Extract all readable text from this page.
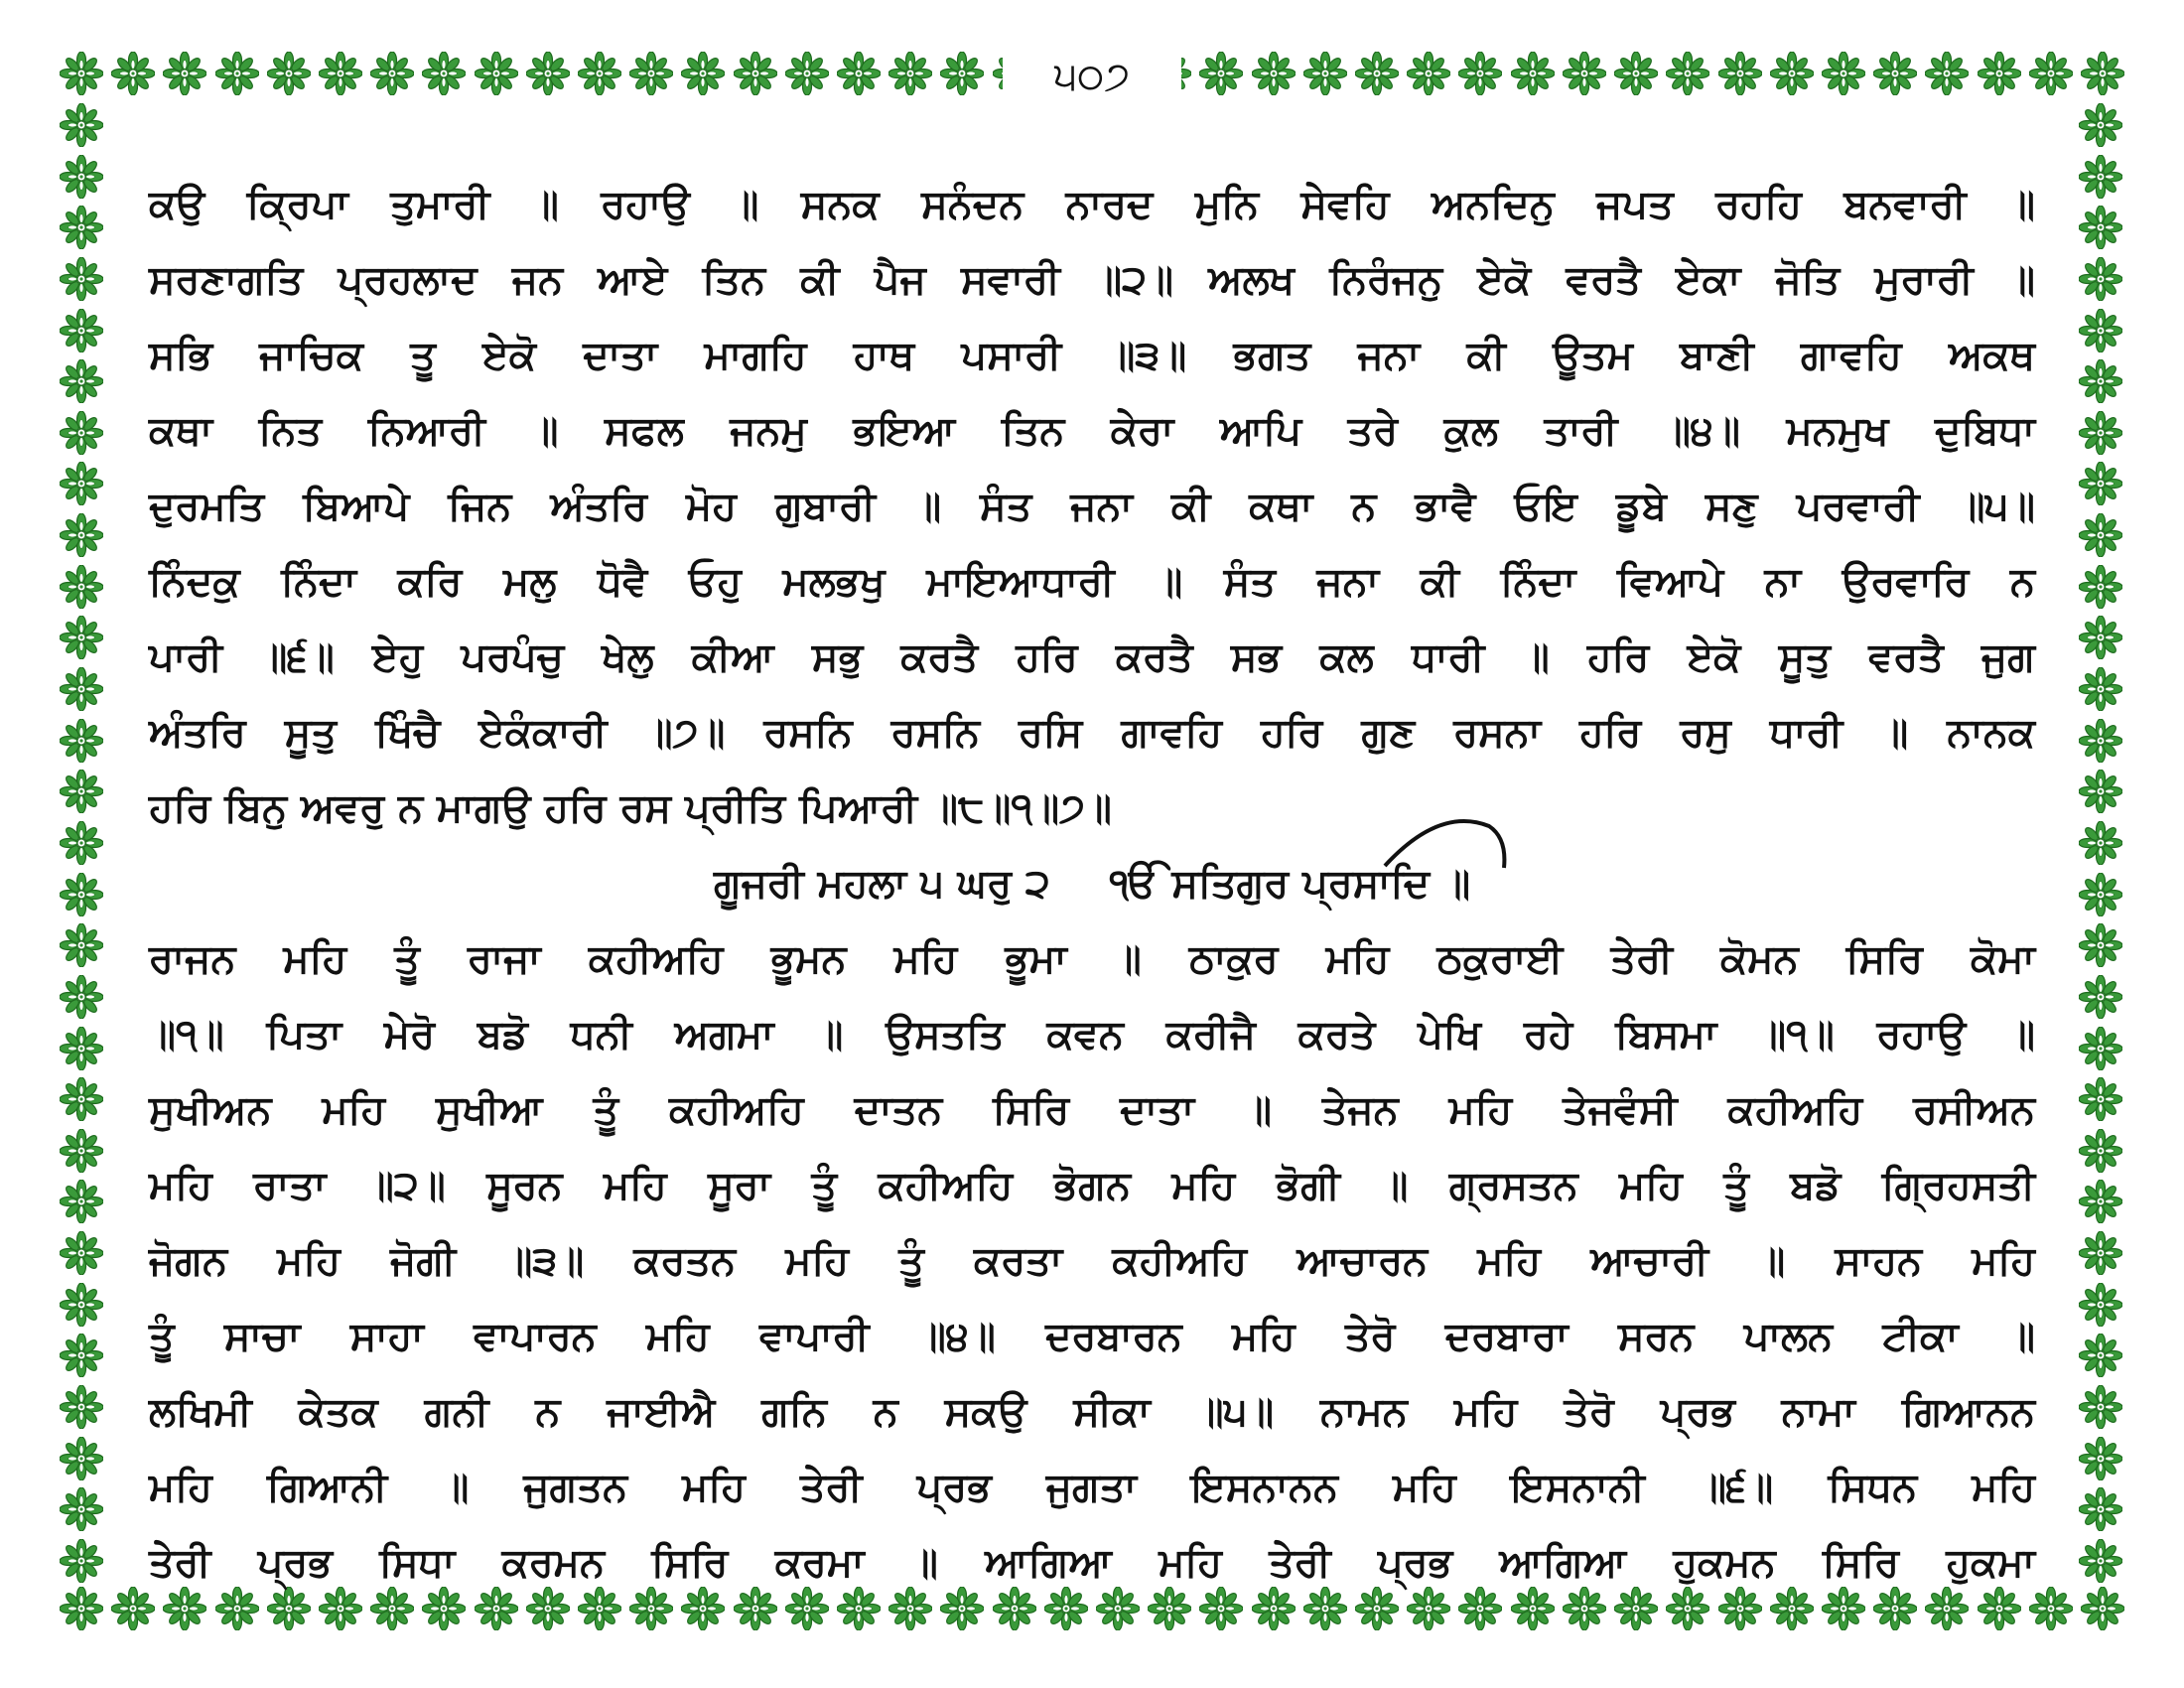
੫੦੭
ਕਉ ਕ੍ਰਿਪਾ ਤੁਮਾਰੀ ॥ ਰਹਾਉ ॥ ਸਨਕ ਸਨੰਦਨ ਨਾਰਦ ਮੁਨਿ ਸੇਵਹਿ ਅਨਦਿਨੁ ਜਪਤ ਰਹਹਿ ਬਨਵਾਰੀ ॥
ਸਰਣਾਗਤਿ ਪ੍ਰਹਲਾਦ ਜਨ ਆਏ ਤਿਨ ਕੀ ਪੈਜ ਸਵਾਰੀ ॥੨॥ ਅਲਖ ਨਿਰੰਜਨੁ ਏਕੋ ਵਰਤੈ ਏਕਾ ਜੋਤਿ ਮੁਰਾਰੀ ॥
ਸਭਿ ਜਾਚਿਕ ਤੂ ਏਕੋ ਦਾਤਾ ਮਾਗਹਿ ਹਾਥ ਪਸਾਰੀ ॥੩॥ ਭਗਤ ਜਨਾ ਕੀ ਊਤਮ ਬਾਣੀ ਗਾਵਹਿ ਅਕਥ
ਕਥਾ ਨਿਤ ਨਿਆਰੀ ॥ ਸਫਲ ਜਨਮੁ ਭਇਆ ਤਿਨ ਕੇਰਾ ਆਪਿ ਤਰੇ ਕੁਲ ਤਾਰੀ ॥੪॥ ਮਨਮੁਖ ਦੁਬਿਧਾ
ਦੁਰਮਤਿ ਬਿਆਪੇ ਜਿਨ ਅੰਤਰਿ ਮੋਹ ਗੁਬਾਰੀ ॥ ਸੰਤ ਜਨਾ ਕੀ ਕਥਾ ਨ ਭਾਵੈ ਓਇ ਡੂਬੇ ਸਣੁ ਪਰਵਾਰੀ ॥੫॥
ਨਿੰਦਕੁ ਨਿੰਦਾ ਕਰਿ ਮਲੁ ਧੋਵੈ ਓਹੁ ਮਲਭਖੁ ਮਾਇਆਧਾਰੀ ॥ ਸੰਤ ਜਨਾ ਕੀ ਨਿੰਦਾ ਵਿਆਪੇ ਨਾ ਉਰਵਾਰਿ ਨ
ਪਾਰੀ ॥੬॥ ਏਹੁ ਪਰਪੰਚੁ ਖੇਲੁ ਕੀਆ ਸਭੁ ਕਰਤੈ ਹਰਿ ਕਰਤੈ ਸਭ ਕਲ ਧਾਰੀ ॥ ਹਰਿ ਏਕੋ ਸੂਤੁ ਵਰਤੈ ਜੁਗ
ਅੰਤਰਿ ਸੂਤੁ ਖਿੰਚੈ ਏਕੰਕਾਰੀ ॥੭॥ ਰਸਨਿ ਰਸਨਿ ਰਸਿ ਗਾਵਹਿ ਹਰਿ ਗੁਣ ਰਸਨਾ ਹਰਿ ਰਸੁ ਧਾਰੀ ॥ ਨਾਨਕ
ਹਰਿ ਬਿਨੁ ਅਵਰੁ ਨ ਮਾਗਉ ਹਰਿ ਰਸ ਪ੍ਰੀਤਿ ਪਿਆਰੀ ॥੮॥੧॥੭॥
ਗੂਜਰੀ ਮਹਲਾ ੫ ਘਰੁ ੨ ੴ ਸਤਿਗੁਰ ਪ੍ਰਸਾਦਿ ॥
ਰਾਜਨ ਮਹਿ ਤੂੰ ਰਾਜਾ ਕਹੀਅਹਿ ਭੂਮਨ ਮਹਿ ਭੂਮਾ ॥ ਠਾਕੁਰ ਮਹਿ ਠਕੁਰਾਈ ਤੇਰੀ ਕੋਮਨ ਸਿਰਿ ਕੋਮਾ
॥੧॥ ਪਿਤਾ ਮੇਰੋ ਬਡੋ ਧਨੀ ਅਗਮਾ ॥ ਉਸਤਤਿ ਕਵਨ ਕਰੀਜੈ ਕਰਤੇ ਪੇਖਿ ਰਹੇ ਬਿਸਮਾ ॥੧॥ ਰਹਾਉ ॥
ਸੁਖੀਅਨ ਮਹਿ ਸੁਖੀਆ ਤੂੰ ਕਹੀਅਹਿ ਦਾਤਨ ਸਿਰਿ ਦਾਤਾ ॥ ਤੇਜਨ ਮਹਿ ਤੇਜਵੰਸੀ ਕਹੀਅਹਿ ਰਸੀਅਨ
ਮਹਿ ਰਾਤਾ ॥੨॥ ਸੂਰਨ ਮਹਿ ਸੂਰਾ ਤੂੰ ਕਹੀਅਹਿ ਭੋਗਨ ਮਹਿ ਭੋਗੀ ॥ ਗ੍ਰਸਤਨ ਮਹਿ ਤੂੰ ਬਡੋ ਗ੍ਰਿਹਸਤੀ
ਜੋਗਨ ਮਹਿ ਜੋਗੀ ॥੩॥ ਕਰਤਨ ਮਹਿ ਤੂੰ ਕਰਤਾ ਕਹੀਅਹਿ ਆਚਾਰਨ ਮਹਿ ਆਚਾਰੀ ॥ ਸਾਹਨ ਮਹਿ
ਤੂੰ ਸਾਚਾ ਸਾਹਾ ਵਾਪਾਰਨ ਮਹਿ ਵਾਪਾਰੀ ॥੪॥ ਦਰਬਾਰਨ ਮਹਿ ਤੇਰੋ ਦਰਬਾਰਾ ਸਰਨ ਪਾਲਨ ਟੀਕਾ ॥
ਲਖਿਮੀ ਕੇਤਕ ਗਨੀ ਨ ਜਾਈਐ ਗਨਿ ਨ ਸਕਉ ਸੀਕਾ ॥੫॥ ਨਾਮਨ ਮਹਿ ਤੇਰੋ ਪ੍ਰਭ ਨਾਮਾ ਗਿਆਨਨ
ਮਹਿ ਗਿਆਨੀ ॥ ਜੁਗਤਨ ਮਹਿ ਤੇਰੀ ਪ੍ਰਭ ਜੁਗਤਾ ਇਸਨਾਨਨ ਮਹਿ ਇਸਨਾਨੀ ॥੬॥ ਸਿਧਨ ਮਹਿ
ਤੇਰੀ ਪ੍ਰਭ ਸਿਧਾ ਕਰਮਨ ਸਿਰਿ ਕਰਮਾ ॥ ਆਗਿਆ ਮਹਿ ਤੇਰੀ ਪ੍ਰਭ ਆਗਿਆ ਹੁਕਮਨ ਸਿਰਿ ਹੁਕਮਾ
